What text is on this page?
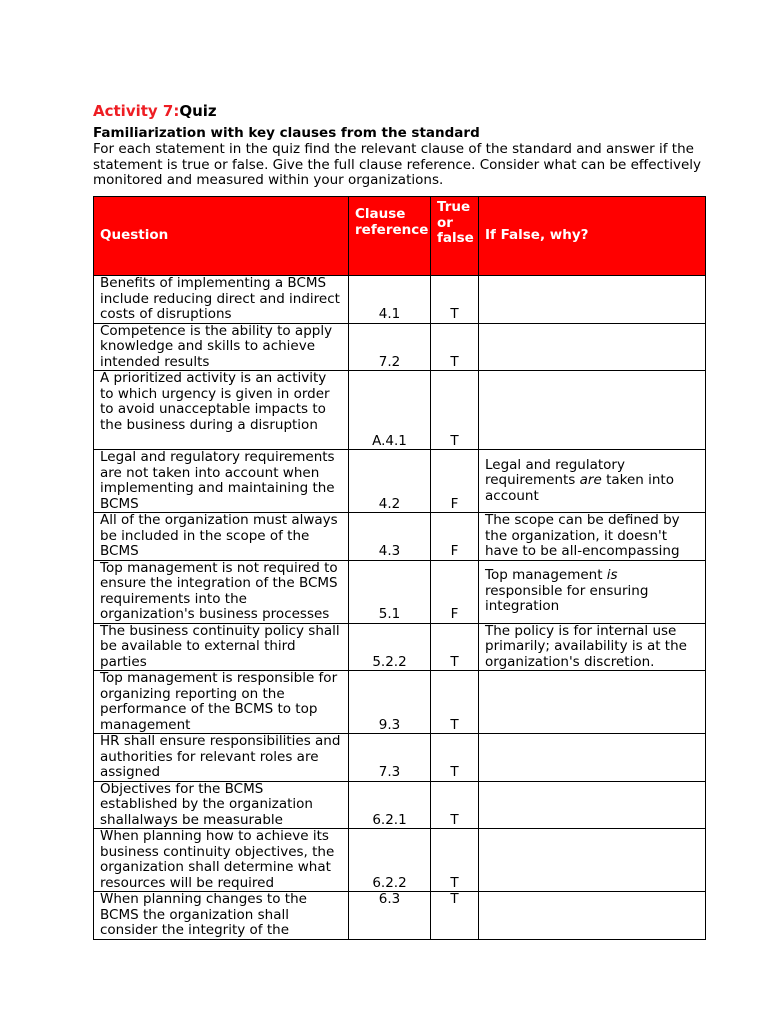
Activity 7:Quiz
Familiarization with key clauses from the standard
For each statement in the quiz find the relevant clause of the standard and answer if the statement is true or false. Give the full clause reference. Consider what can be effectively monitored and measured within your organizations.
Question	Clause reference	True or false	If False, why?
Benefits of implementing a BCMS include reducing direct and indirect costs of disruptions	4.1	T	
Competence is the ability to apply knowledge and skills to achieve intended results	7.2	T	
A prioritized activity is an activity to which urgency is given in order to avoid unacceptable impacts to the business during a disruption	A.4.1	T	
Legal and regulatory requirements are not taken into account when implementing and maintaining the BCMS	4.2	F	Legal and regulatory requirements are taken into account
All of the organization must always be included in the scope of the BCMS	4.3	F	The scope can be defined by the organization, it doesn't have to be all-encompassing
Top management is not required to ensure the integration of the BCMS requirements into the organization's business processes	5.1	F	Top management is responsible for ensuring integration
The business continuity policy shall be available to external third parties	5.2.2	T	The policy is for internal use primarily; availability is at the organization's discretion.
Top management is responsible for organizing reporting on the performance of the BCMS to top management	9.3	T	
HR shall ensure responsibilities and authorities for relevant roles are assigned	7.3	T	
Objectives for the BCMS established by the organization shallalways be measurable	6.2.1	T	
When planning how to achieve its business continuity objectives, the organization shall determine what resources will be required	6.2.2	T	
When planning changes to the BCMS the organization shall consider the integrity of the	6.3	T	
